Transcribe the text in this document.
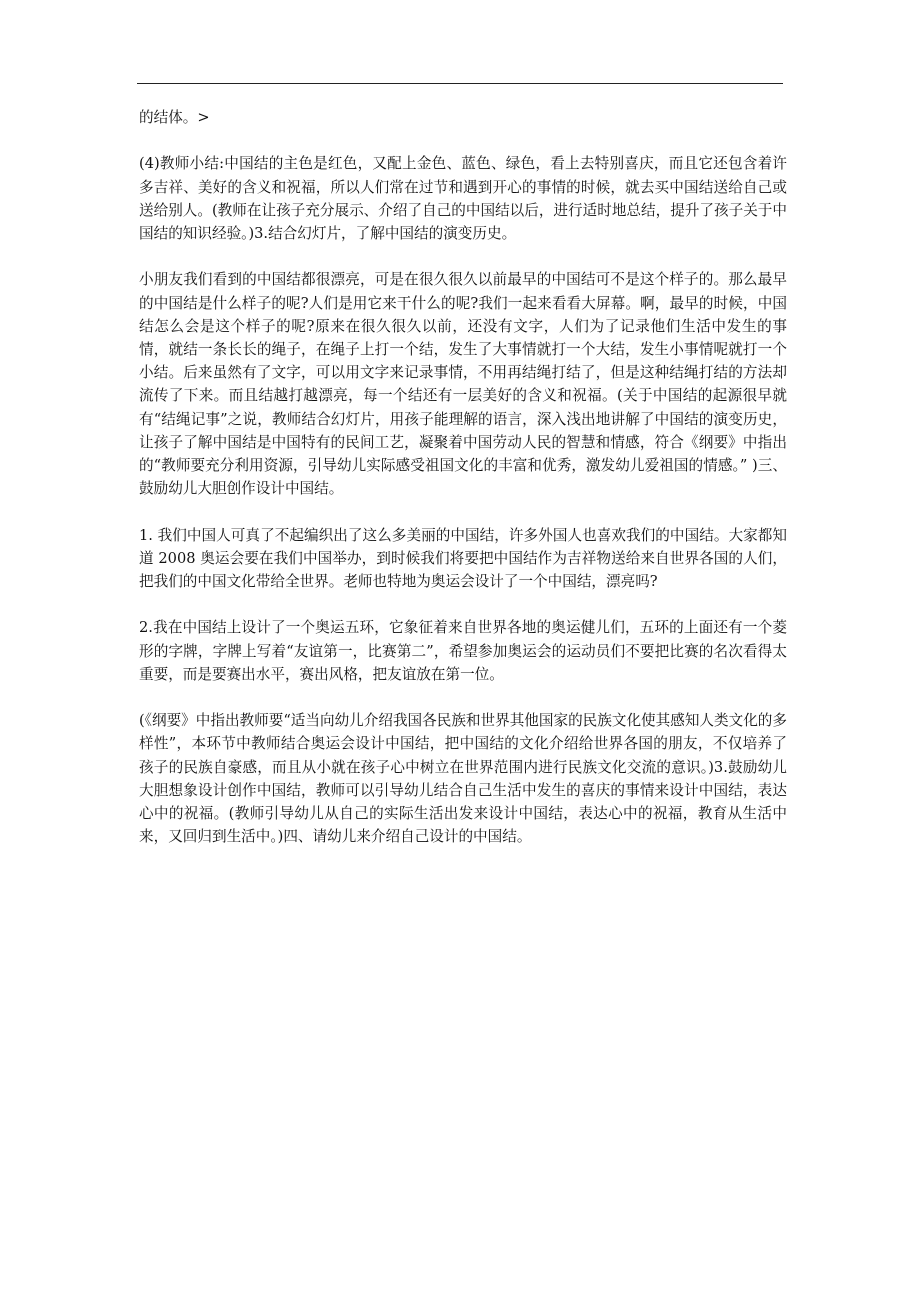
的结体。>

(4)教师小结:中国结的主色是红色，又配上金色、蓝色、绿色，看上去特别喜庆，而且它还包含着许多吉祥、美好的含义和祝福，所以人们常在过节和遇到开心的事情的时候，就去买中国结送给自己或送给别人。(教师在让孩子充分展示、介绍了自己的中国结以后，进行适时地总结，提升了孩子关于中国结的知识经验。)3.结合幻灯片，了解中国结的演变历史。

小朋友我们看到的中国结都很漂亮，可是在很久很久以前最早的中国结可不是这个样子的。那么最早的中国结是什么样子的呢?人们是用它来干什么的呢?我们一起来看看大屏幕。啊，最早的时候，中国结怎么会是这个样子的呢?原来在很久很久以前，还没有文字，人们为了记录他们生活中发生的事情，就结一条长长的绳子，在绳子上打一个结，发生了大事情就打一个大结，发生小事情呢就打一个小结。后来虽然有了文字，可以用文字来记录事情，不用再结绳打结了，但是这种结绳打结的方法却流传了下来。而且结越打越漂亮，每一个结还有一层美好的含义和祝福。(关于中国结的起源很早就有“结绳记事”之说，教师结合幻灯片，用孩子能理解的语言，深入浅出地讲解了中国结的演变历史，让孩子了解中国结是中国特有的民间工艺，凝聚着中国劳动人民的智慧和情感，符合《纲要》中指出的“教师要充分利用资源，引导幼儿实际感受祖国文化的丰富和优秀，激发幼儿爱祖国的情感。” )三、鼓励幼儿大胆创作设计中国结。

1. 我们中国人可真了不起编织出了这么多美丽的中国结，许多外国人也喜欢我们的中国结。大家都知道 2008 奥运会要在我们中国举办，到时候我们将要把中国结作为吉祥物送给来自世界各国的人们，把我们的中国文化带给全世界。老师也特地为奥运会设计了一个中国结，漂亮吗?

2.我在中国结上设计了一个奥运五环，它象征着来自世界各地的奥运健儿们，五环的上面还有一个菱形的字牌，字牌上写着“友谊第一，比赛第二”，希望参加奥运会的运动员们不要把比赛的名次看得太重要，而是要赛出水平，赛出风格，把友谊放在第一位。

(《纲要》中指出教师要“适当向幼儿介绍我国各民族和世界其他国家的民族文化使其感知人类文化的多样性”，本环节中教师结合奥运会设计中国结，把中国结的文化介绍给世界各国的朋友，不仅培养了孩子的民族自豪感，而且从小就在孩子心中树立在世界范围内进行民族文化交流的意识。)3.鼓励幼儿大胆想象设计创作中国结，教师可以引导幼儿结合自己生活中发生的喜庆的事情来设计中国结，表达心中的祝福。(教师引导幼儿从自己的实际生活出发来设计中国结，表达心中的祝福，教育从生活中来，又回归到生活中。)四、请幼儿来介绍自己设计的中国结。
